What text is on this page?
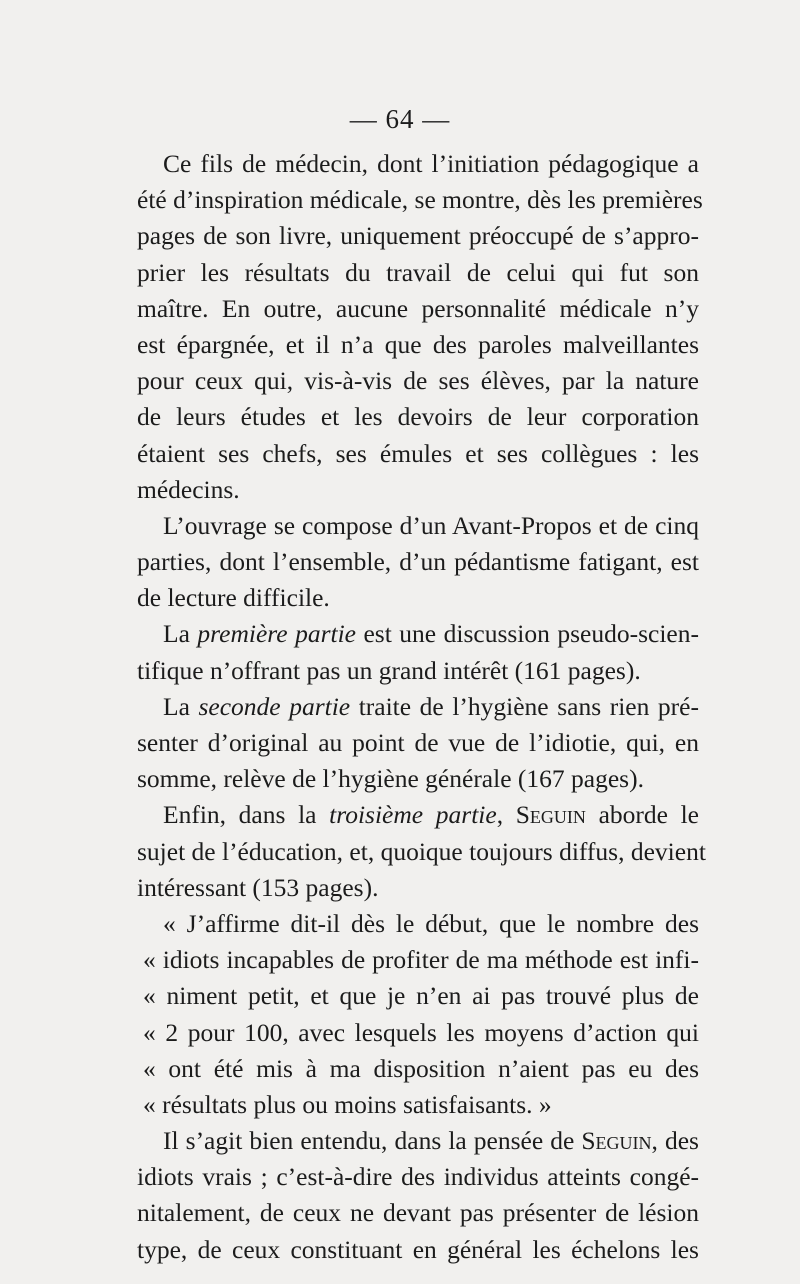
— 64 —
Ce fils de médecin, dont l’initiation pédagogique a
été d’inspiration médicale, se montre, dès les premières
pages de son livre, uniquement préoccupé de s’appro-
prier les résultats du travail de celui qui fut son
maître. En outre, aucune personnalité médicale n’y
est épargnée, et il n’a que des paroles malveillantes
pour ceux qui, vis-à-vis de ses élèves, par la nature
de leurs études et les devoirs de leur corporation
étaient ses chefs, ses émules et ses collègues : les
médecins.
L’ouvrage se compose d’un Avant-Propos et de cinq
parties, dont l’ensemble, d’un pédantisme fatigant, est
de lecture difficile.
La première partie est une discussion pseudo-scien-
tifique n’offrant pas un grand intérêt (161 pages).
La seconde partie traite de l’hygiène sans rien pré-
senter d’original au point de vue de l’idiotie, qui, en
somme, relève de l’hygiène générale (167 pages).
Enfin, dans la troisième partie, Seguin aborde le
sujet de l’éducation, et, quoique toujours diffus, devient
intéressant (153 pages).
« J’affirme dit-il dès le début, que le nombre des
« idiots incapables de profiter de ma méthode est infi-
« niment petit, et que je n’en ai pas trouvé plus de
« 2 pour 100, avec lesquels les moyens d’action qui
« ont été mis à ma disposition n’aient pas eu des
« résultats plus ou moins satisfaisants. »
Il s’agit bien entendu, dans la pensée de Seguin, des
idiots vrais ; c’est-à-dire des individus atteints congé-
nitalement, de ceux ne devant pas présenter de lésion
type, de ceux constituant en général les échelons les
